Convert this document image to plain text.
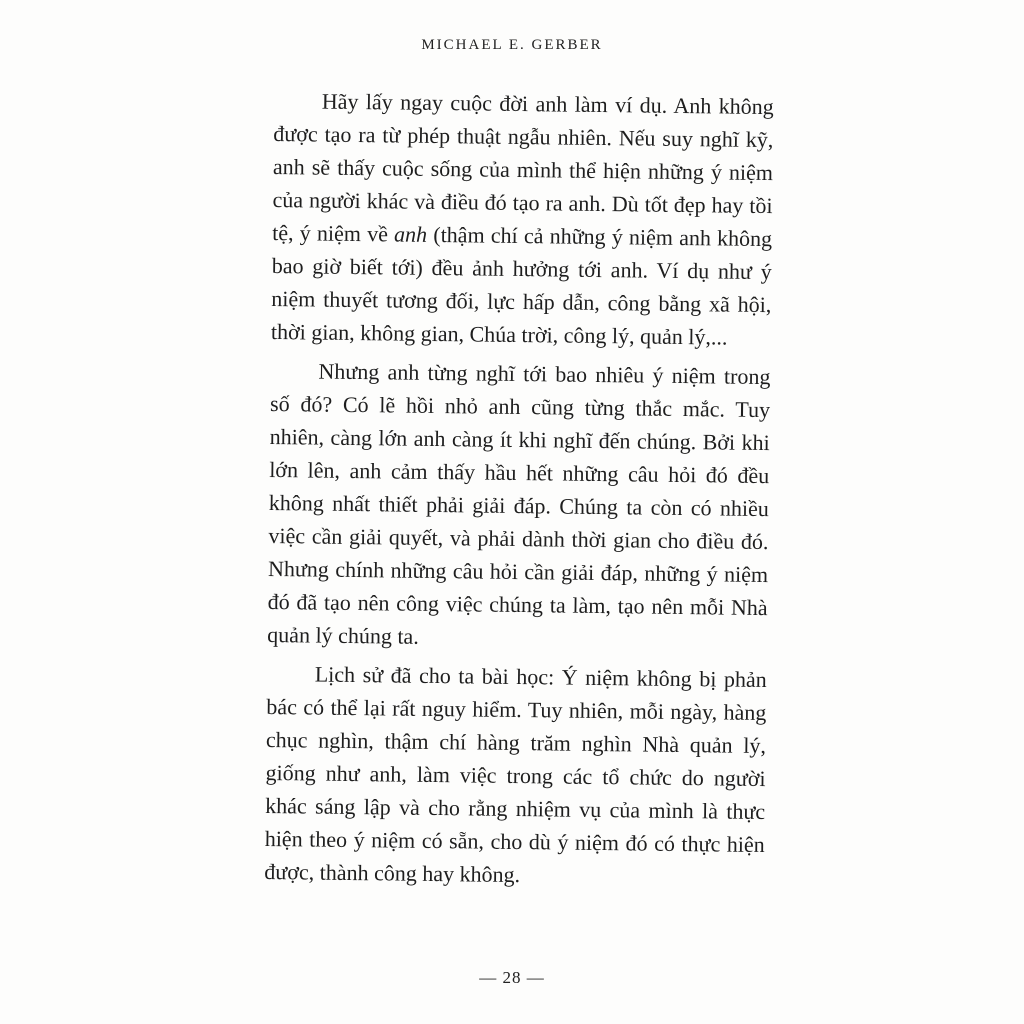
MICHAEL E. GERBER

Hãy lấy ngay cuộc đời anh làm ví dụ. Anh không được tạo ra từ phép thuật ngẫu nhiên. Nếu suy nghĩ kỹ, anh sẽ thấy cuộc sống của mình thể hiện những ý niệm của người khác và điều đó tạo ra anh. Dù tốt đẹp hay tồi tệ, ý niệm về anh (thậm chí cả những ý niệm anh không bao giờ biết tới) đều ảnh hưởng tới anh. Ví dụ như ý niệm thuyết tương đối, lực hấp dẫn, công bằng xã hội, thời gian, không gian, Chúa trời, công lý, quản lý,...

Nhưng anh từng nghĩ tới bao nhiêu ý niệm trong số đó? Có lẽ hồi nhỏ anh cũng từng thắc mắc. Tuy nhiên, càng lớn anh càng ít khi nghĩ đến chúng. Bởi khi lớn lên, anh cảm thấy hầu hết những câu hỏi đó đều không nhất thiết phải giải đáp. Chúng ta còn có nhiều việc cần giải quyết, và phải dành thời gian cho điều đó. Nhưng chính những câu hỏi cần giải đáp, những ý niệm đó đã tạo nên công việc chúng ta làm, tạo nên mỗi Nhà quản lý chúng ta.

Lịch sử đã cho ta bài học: Ý niệm không bị phản bác có thể lại rất nguy hiểm. Tuy nhiên, mỗi ngày, hàng chục nghìn, thậm chí hàng trăm nghìn Nhà quản lý, giống như anh, làm việc trong các tổ chức do người khác sáng lập và cho rằng nhiệm vụ của mình là thực hiện theo ý niệm có sẵn, cho dù ý niệm đó có thực hiện được, thành công hay không.

— 28 —
